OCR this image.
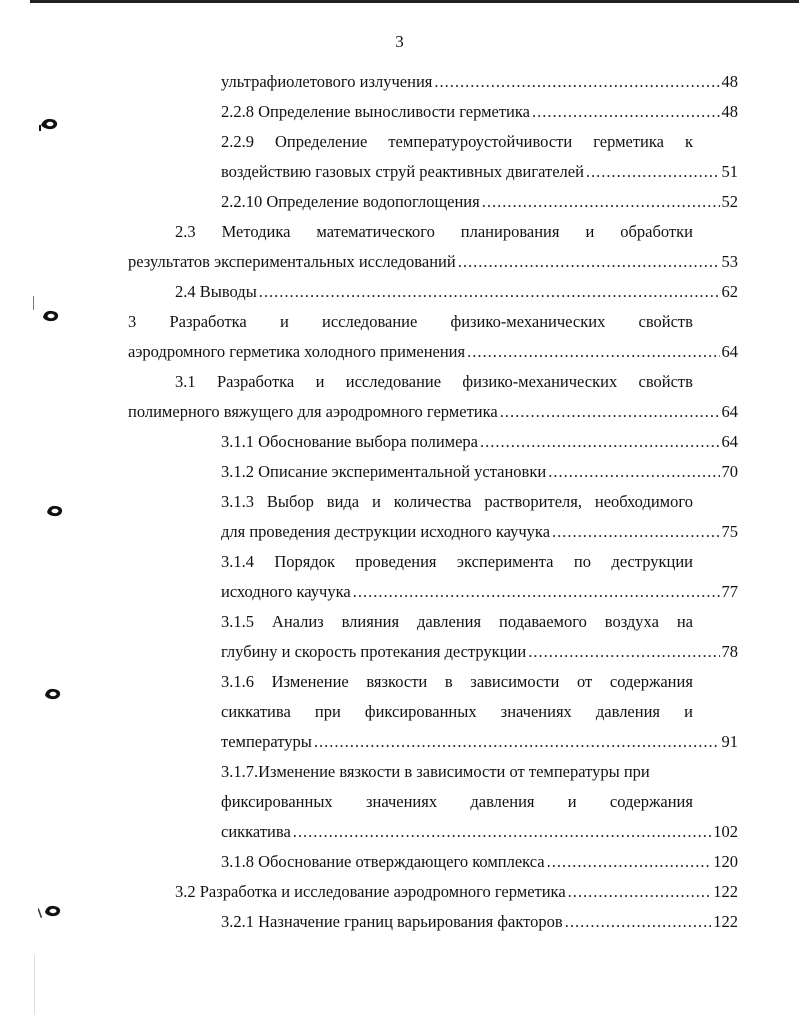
3
ультрафиолетового излучения .....	48
2.2.8 Определение выносливости герметика .....	48
2.2.9 Определение температуроустойчивости герметика к
воздействию газовых струй реактивных двигателей .....	51
2.2.10 Определение водопоглощения .....	52
2.3 Методика математического планирования и обработки
результатов экспериментальных исследований .....	53
2.4 Выводы .....	62
3 Разработка и исследование физико-механических свойств
аэродромного герметика холодного применения .....	64
3.1 Разработка и исследование физико-механических свойств
полимерного вяжущего для аэродромного герметика .....	64
3.1.1 Обоснование выбора полимера .....	64
3.1.2 Описание экспериментальной установки .....	70
3.1.3 Выбор вида и количества растворителя, необходимого
для проведения деструкции исходного каучука .....	75
3.1.4 Порядок проведения эксперимента по деструкции
исходного каучука .....	77
3.1.5 Анализ влияния давления подаваемого воздуха на
глубину и скорость протекания деструкции .....	78
3.1.6 Изменение вязкости в зависимости от содержания
сиккатива при фиксированных значениях давления и
температуры .....	91
3.1.7.Изменение вязкости в зависимости от температуры при
фиксированных значениях давления и содержания
сиккатива .....	102
3.1.8 Обоснование отверждающего комплекса .....	120
3.2 Разработка и исследование аэродромного герметика .....	122
3.2.1 Назначение границ варьирования факторов .....	122
